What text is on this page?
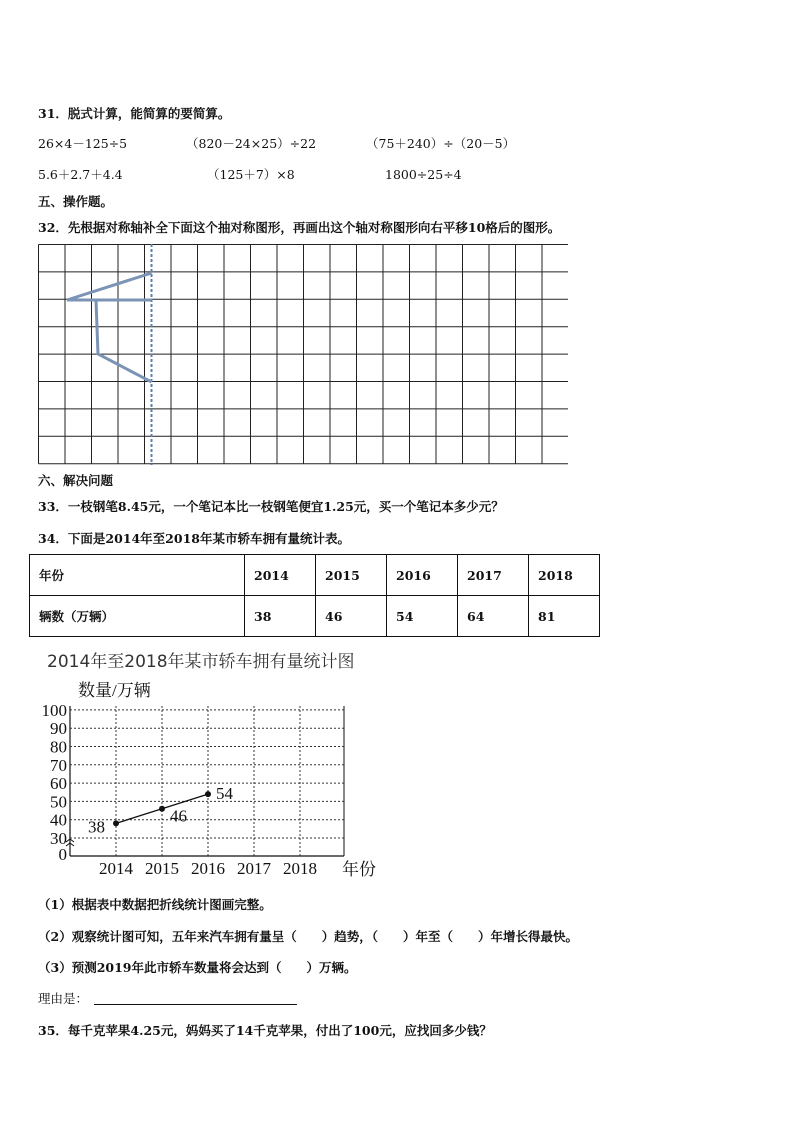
31．脱式计算，能简算的要简算。
26×4－125÷5	（820－24×25）÷22	（75＋240）÷（20－5）
5.6＋2.7＋4.4	（125＋7）×8	1800÷25÷4
五、操作题。
32．先根据对称轴补全下面这个抽对称图形，再画出这个轴对称图形向右平移10格后的图形。
六、解决问题
33．一枝钢笔8.45元，一个笔记本比一枝钢笔便宜1.25元，买一个笔记本多少元？
34．下面是2014年至2018年某市轿车拥有量统计表。
年份	2014	2015	2016	2017	2018
辆数（万辆）	38	46	54	64	81
2014年至2018年某市轿车拥有量统计图
数量/万辆
年份
100
90
80
70
60
50
40
30
0
2014 2015 2016 2017 2018
38
46
54
（1）根据表中数据把折线统计图画完整。
（2）观察统计图可知，五年来汽车拥有量呈（　　）趋势，（　　）年至（　　）年增长得最快。
（3）预测2019年此市轿车数量将会达到（　　）万辆。
理由是：
35．每千克苹果4.25元，妈妈买了14千克苹果，付出了100元，应找回多少钱？
